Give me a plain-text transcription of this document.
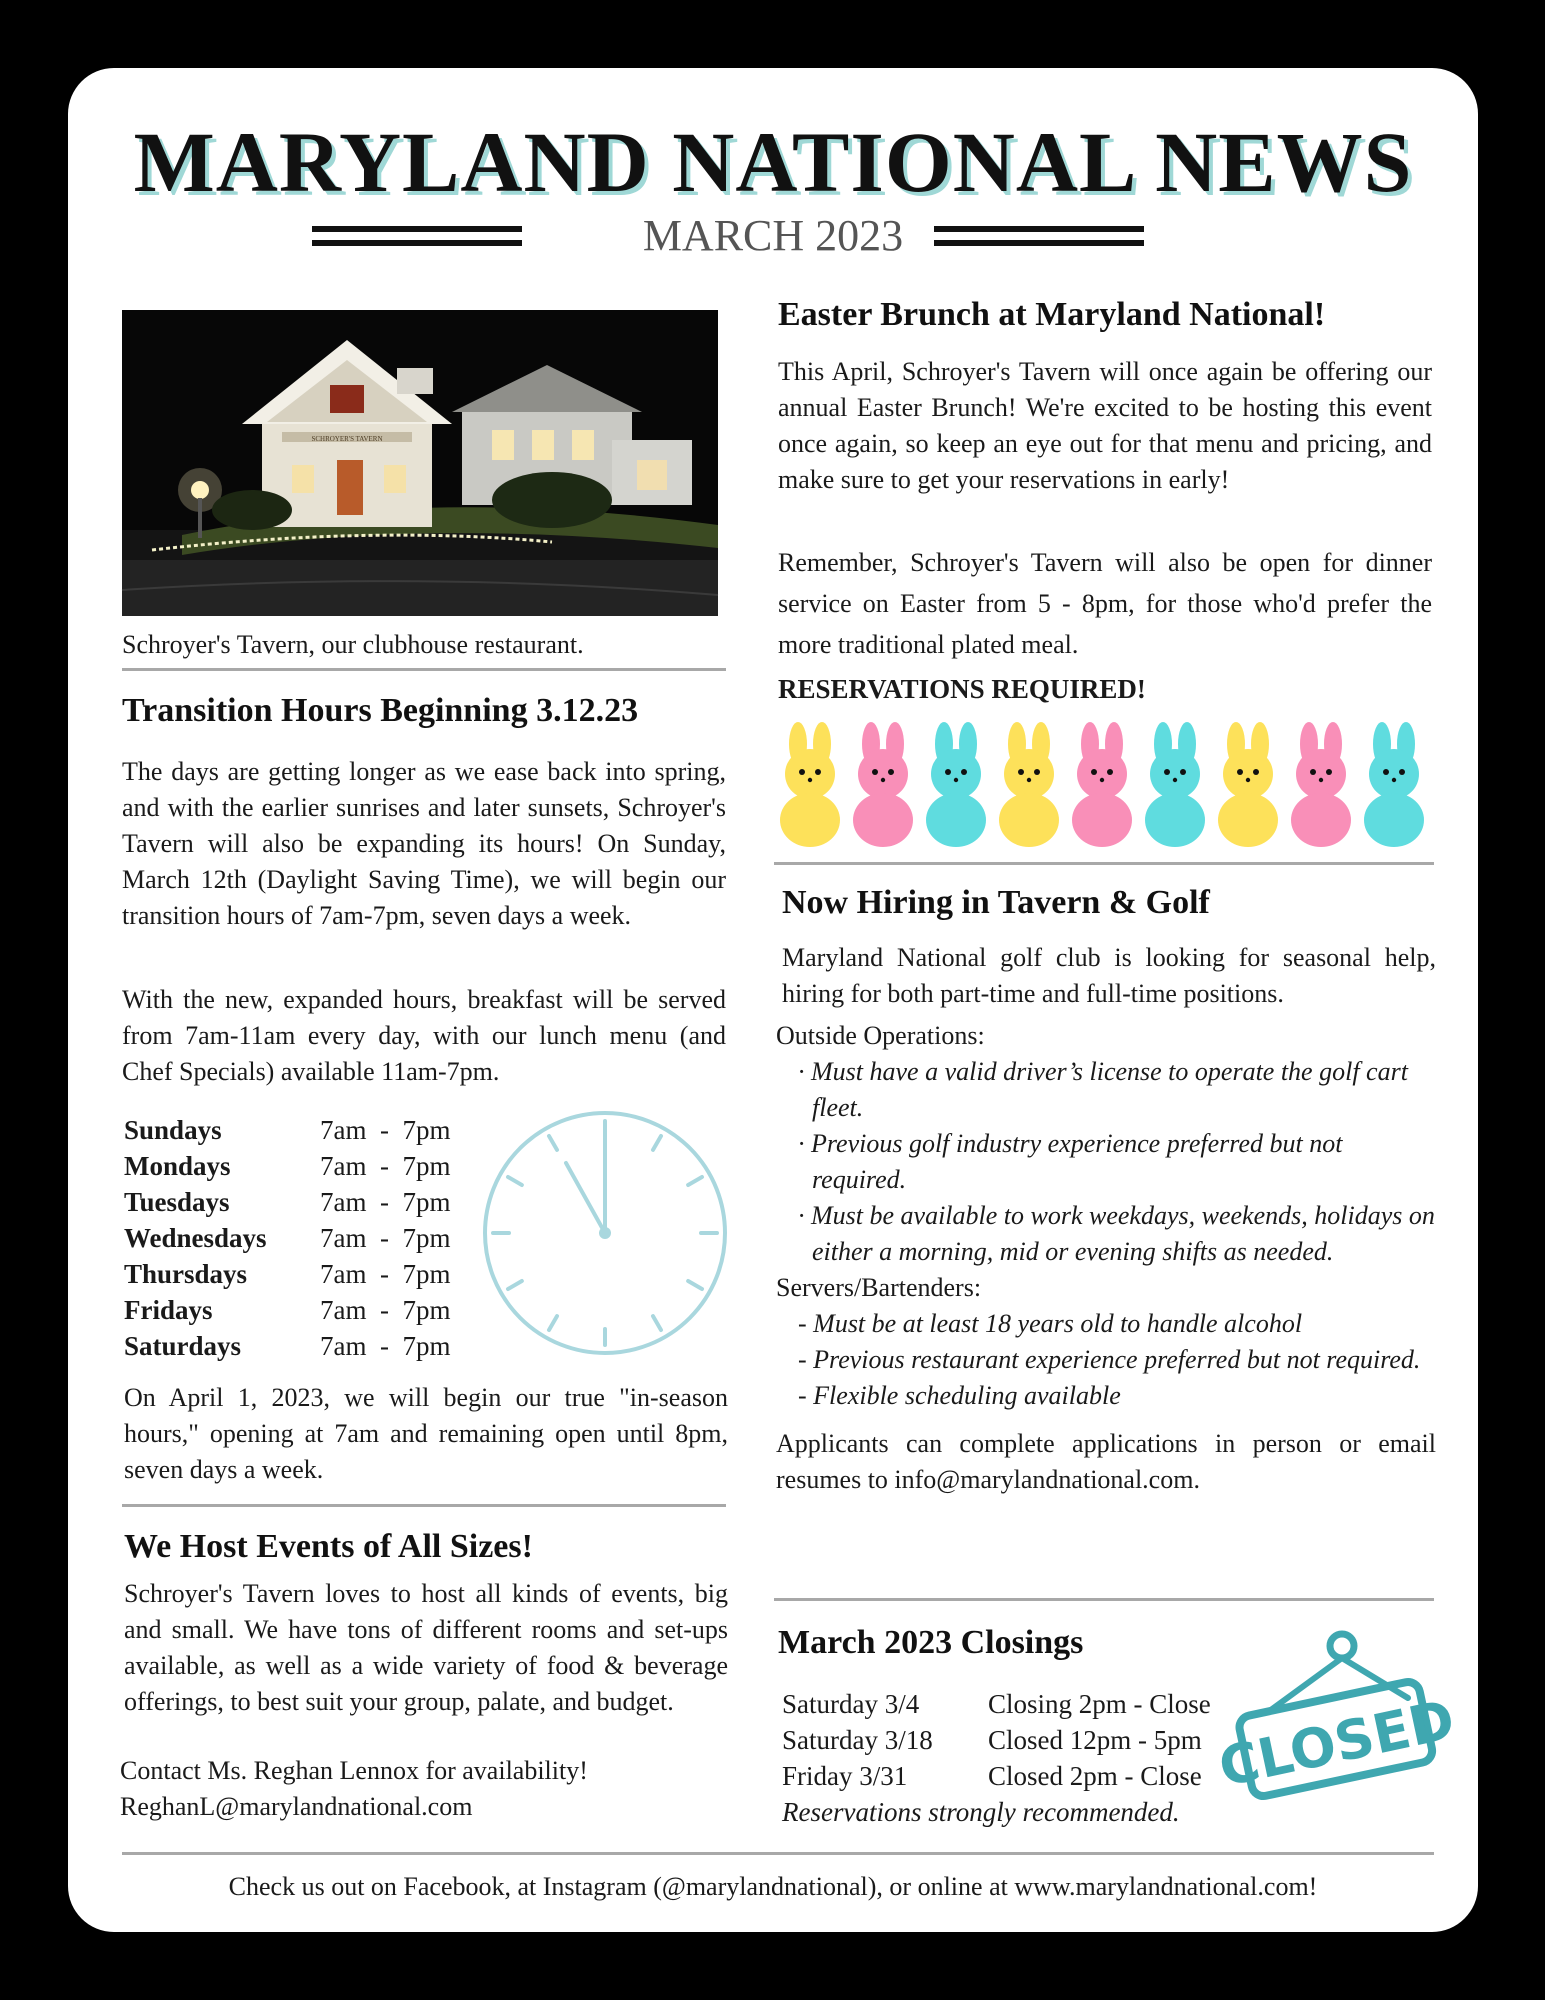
MARYLAND NATIONAL NEWS
MARCH 2023
SCHROYER'S TAVERN
Schroyer's Tavern, our clubhouse restaurant.
Transition Hours Beginning 3.12.23
The days are getting longer as we ease back into spring, and with the earlier sunrises and later sunsets, Schroyer's Tavern will also be expanding its hours! On Sunday, March 12th (Daylight Saving Time), we will begin our transition hours of 7am-7pm, seven days a week.
With the new, expanded hours, breakfast will be served from 7am-11am every day, with our lunch menu (and Chef Specials) available 11am-7pm.
Sundays	7am  -  7pm
Mondays	7am  -  7pm
Tuesdays	7am  -  7pm
Wednesdays	7am  -  7pm
Thursdays	7am  -  7pm
Fridays	7am  -  7pm
Saturdays	7am  -  7pm
On April 1, 2023, we will begin our true "in-season hours," opening at 7am and remaining open until 8pm, seven days a week.
We Host Events of All Sizes!
Schroyer's Tavern loves to host all kinds of events, big and small. We have tons of different rooms and set-ups available, as well as a wide variety of food & beverage offerings, to best suit your group, palate, and budget.
Contact Ms. Reghan Lennox for availability!
ReghanL@marylandnational.com
Easter Brunch at Maryland National!
This April, Schroyer's Tavern will once again be offering our annual Easter Brunch! We're excited to be hosting this event once again, so keep an eye out for that menu and pricing, and make sure to get your reservations in early!
Remember, Schroyer's Tavern will also be open for dinner service on Easter from 5 - 8pm, for those who'd prefer the more traditional plated meal.
RESERVATIONS REQUIRED!
Now Hiring in Tavern & Golf

Maryland National golf club is looking for seasonal help, hiring for both part-time and full-time positions.

Outside Operations:

· Must have a valid driver’s license to operate the golf cart fleet.
· Previous golf industry experience preferred but not required.
· Must be available to work weekdays, weekends, holidays on either a morning, mid or evening shifts as needed.

Servers/Bartenders:

- Must be at least 18 years old to handle alcohol
- Previous restaurant experience preferred but not required.
- Flexible scheduling available

Applicants can complete applications in person or email resumes to info@marylandnational.com.

March 2023 Closings
Saturday 3/4	Closing 2pm - Close
Saturday 3/18	Closed 12pm - 5pm
Friday 3/31	Closed 2pm - Close
Reservations strongly recommended.
CLOSED
Check us out on Facebook, at Instagram (@marylandnational), or online at www.marylandnational.com!
